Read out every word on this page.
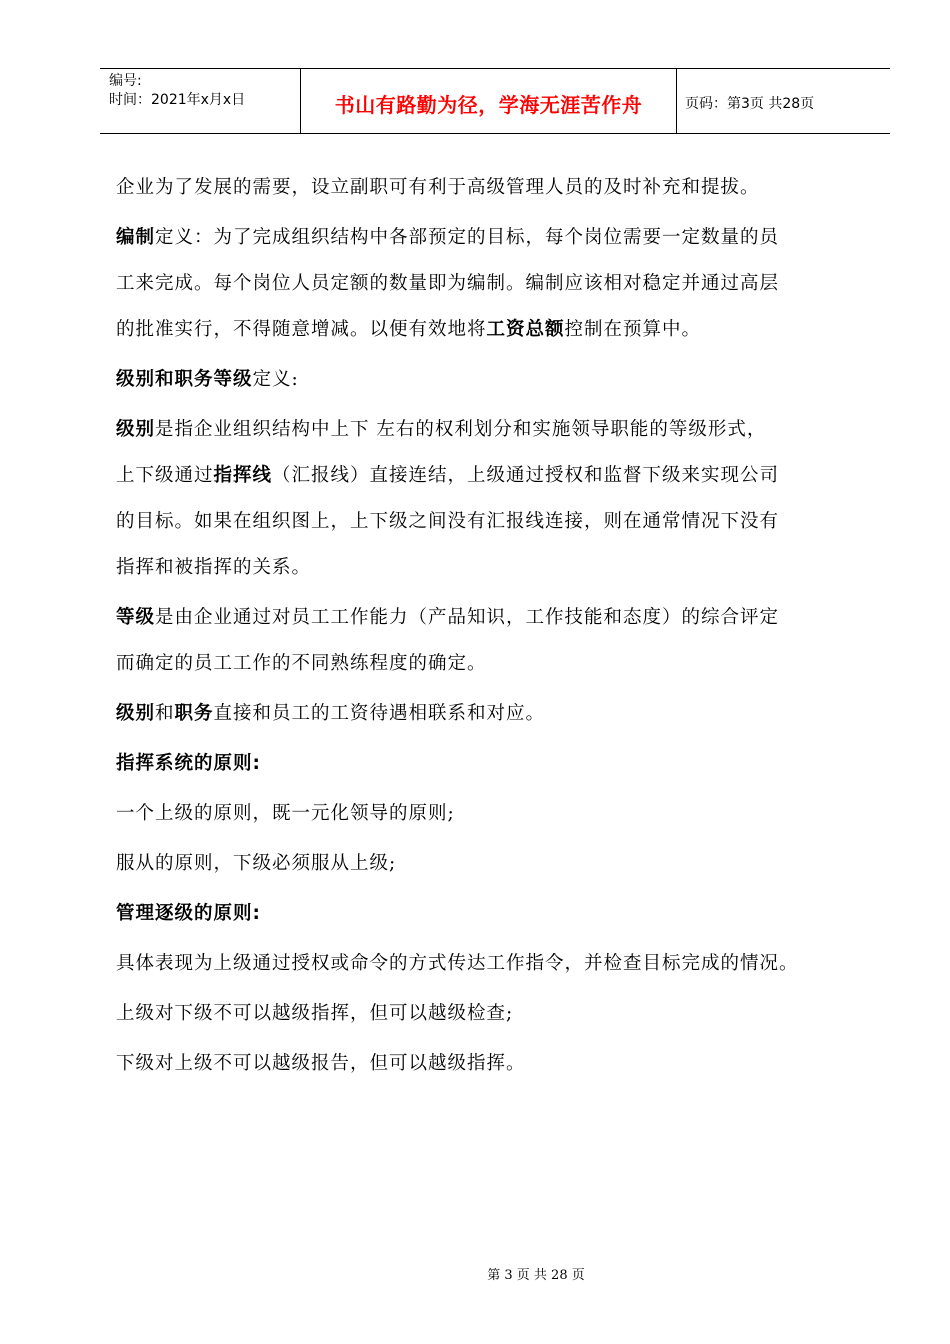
编号:
时间：2021年x月x日	书山有路勤为径，学海无涯苦作舟	页码：第3页 共28页
企业为了发展的需要，设立副职可有利于高级管理人员的及时补充和提拔。
编制定义：为了完成组织结构中各部预定的目标，每个岗位需要一定数量的员
工来完成。每个岗位人员定额的数量即为编制。编制应该相对稳定并通过高层
的批准实行，不得随意增减。以便有效地将工资总额控制在预算中。
级别和职务等级定义:
级别是指企业组织结构中上下 左右的权利划分和实施领导职能的等级形式，
上下级通过指挥线（汇报线）直接连结，上级通过授权和监督下级来实现公司
的目标。如果在组织图上，上下级之间没有汇报线连接，则在通常情况下没有
指挥和被指挥的关系。
等级是由企业通过对员工工作能力（产品知识，工作技能和态度）的综合评定
而确定的员工工作的不同熟练程度的确定。
级别和职务直接和员工的工资待遇相联系和对应。
指挥系统的原则:
一个上级的原则，既一元化领导的原则;
服从的原则，下级必须服从上级;
管理逐级的原则:
具体表现为上级通过授权或命令的方式传达工作指令，并检查目标完成的情况。
上级对下级不可以越级指挥，但可以越级检查;
下级对上级不可以越级报告，但可以越级指挥。
第 3 页 共 28 页
